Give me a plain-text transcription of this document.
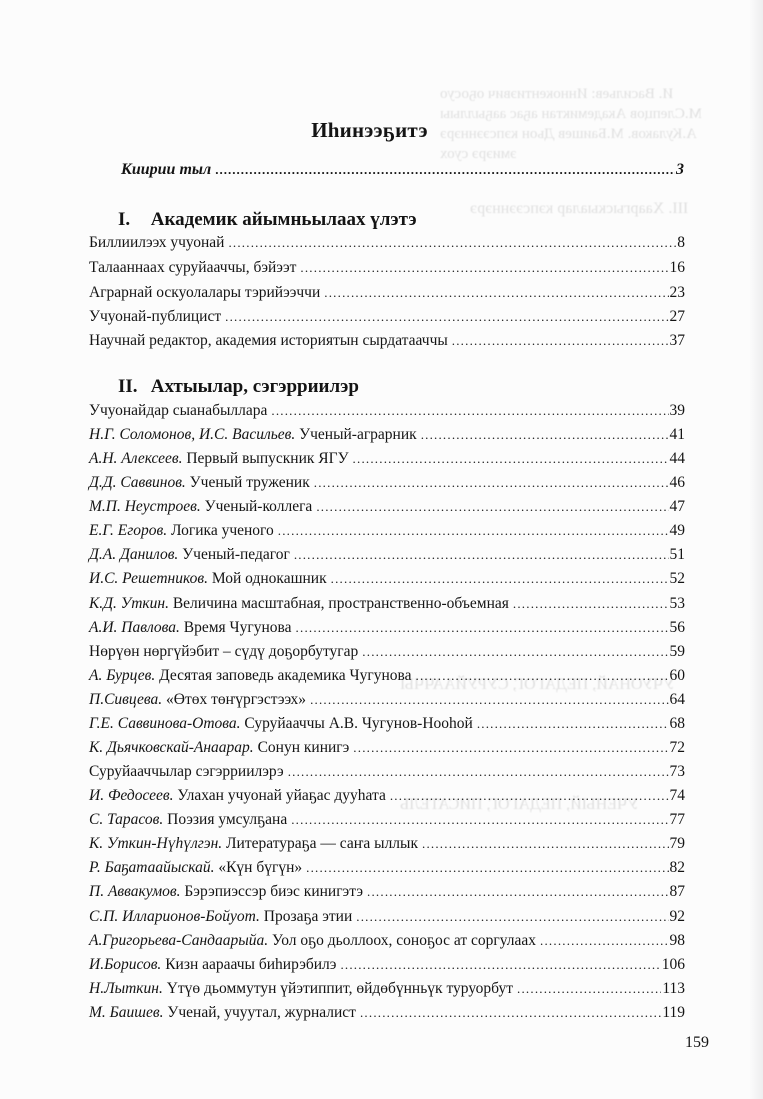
И. Васильев: Иннокентиэвич оҕосуо
М.Слепцов Академиктан аҕас ааҕыллыы
А.Кулаков. М.Баишев Дьон кэпсээннэрэ
эмиэрэ суох
III. Хааргыскыалар кэпсээннэрэ
УЧУОНАЙ, ПЕДАГОГ, СУРУЙААЧЧЫ
УЧЕНЫЙ, ПЕДАГОГ, ПИСАТЕЛЬ
Иhинээҕитэ
Киирии тыл .....	3
I. Академик айымньылаах үлэтэ
Биллиилээх учуонай .....	8
Талааннаах суруйааччы, бэйээт .....	16
Аграрнай оскуолалары тэрийээччи .....	23
Учуонай-публицист .....	27
Научнай редактор, академия историятын сырдатааччы .....	37
II. Ахтыылар, сэгэрриилэр
Учуонайдар сыанабыллара .....	39
Н.Г. Соломонов, И.С. Васильев. Ученый-аграрник .....	41
А.Н. Алексеев. Первый выпускник ЯГУ .....	44
Д.Д. Саввинов. Ученый труженик .....	46
М.П. Неустроев. Ученый-коллега .....	47
Е.Г. Егоров. Логика ученого .....	49
Д.А. Данилов. Ученый-педагог .....	51
И.С. Решетников. Мой однокашник .....	52
К.Д. Уткин. Величина масштабная, пространственно-объемная .....	53
А.И. Павлова. Время Чугунова .....	56
Нөрүөн нөргүйэбит – сүдү доҕорбутугар .....	59
А. Бурцев. Десятая заповедь академика Чугунова .....	60
П.Сивцева. «Өтөх төҥүргэстээх» .....	64
Г.Е. Саввинова-Отова. Суруйааччы А.В. Чугунов-Нооһой .....	68
К. Дьячковскай-Анаарар. Сонун кинигэ .....	72
Суруйааччылар сэгэрриилэрэ .....	73
И. Федосеев. Улахан учуонай уйаҕас дууһата .....	74
С. Тарасов. Поэзия умсулҕана .....	77
К. Уткин-Нүһүлгэн. Литератураҕа — саҥа ыллык .....	79
Р. Баҕатаайыскай. «Күн бүгүн» .....	82
П. Аввакумов. Бэрэпиэссэр биэс кинигэтэ .....	87
С.П. Илларионов-Бойуот. Прозаҕа этии .....	92
А.Григорьева-Сандаарыйа. Уол оҕо дьоллоох, соноҕос ат соргулаах .....	98
И.Борисов. Кизн аараачы биһирэбилэ .....	106
Н.Лыткин. Үтүө дьоммутун үйэтиппит, өйдөбүнньүк туруорбут .....	113
М. Баишев. Ученай, учуутал, журналист .....	119
159
